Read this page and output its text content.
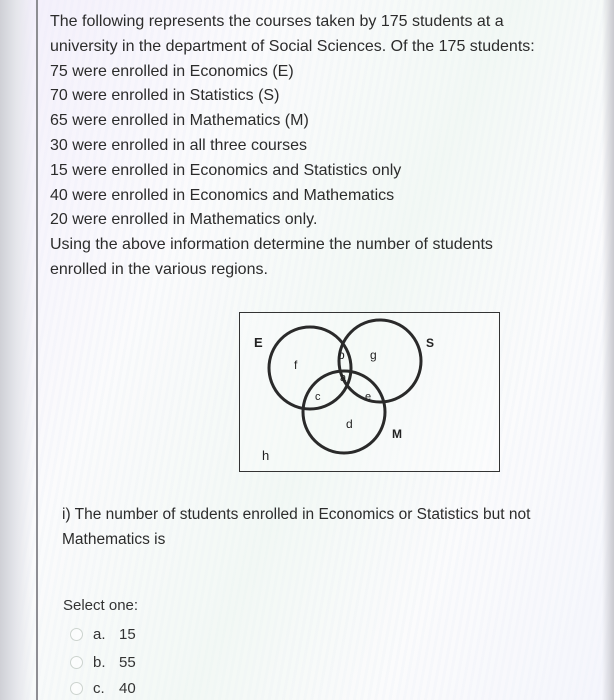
The following represents the courses taken by 175 students at a
university in the department of Social Sciences. Of the 175 students:
75 were enrolled in Economics (E)
70 were enrolled in Statistics (S)
65 were enrolled in Mathematics (M)
30 were enrolled in all three courses
15 were enrolled in Economics and Statistics only
40 were enrolled in Economics and Mathematics
20 were enrolled in Mathematics only.
Using the above information determine the number of students
enrolled in the various regions.
E	S
M
f
b g
a
c	e
d
h
i) The number of students enrolled in Economics or Statistics but not
Mathematics is
Select one:
a. 15
b. 55
c. 40
